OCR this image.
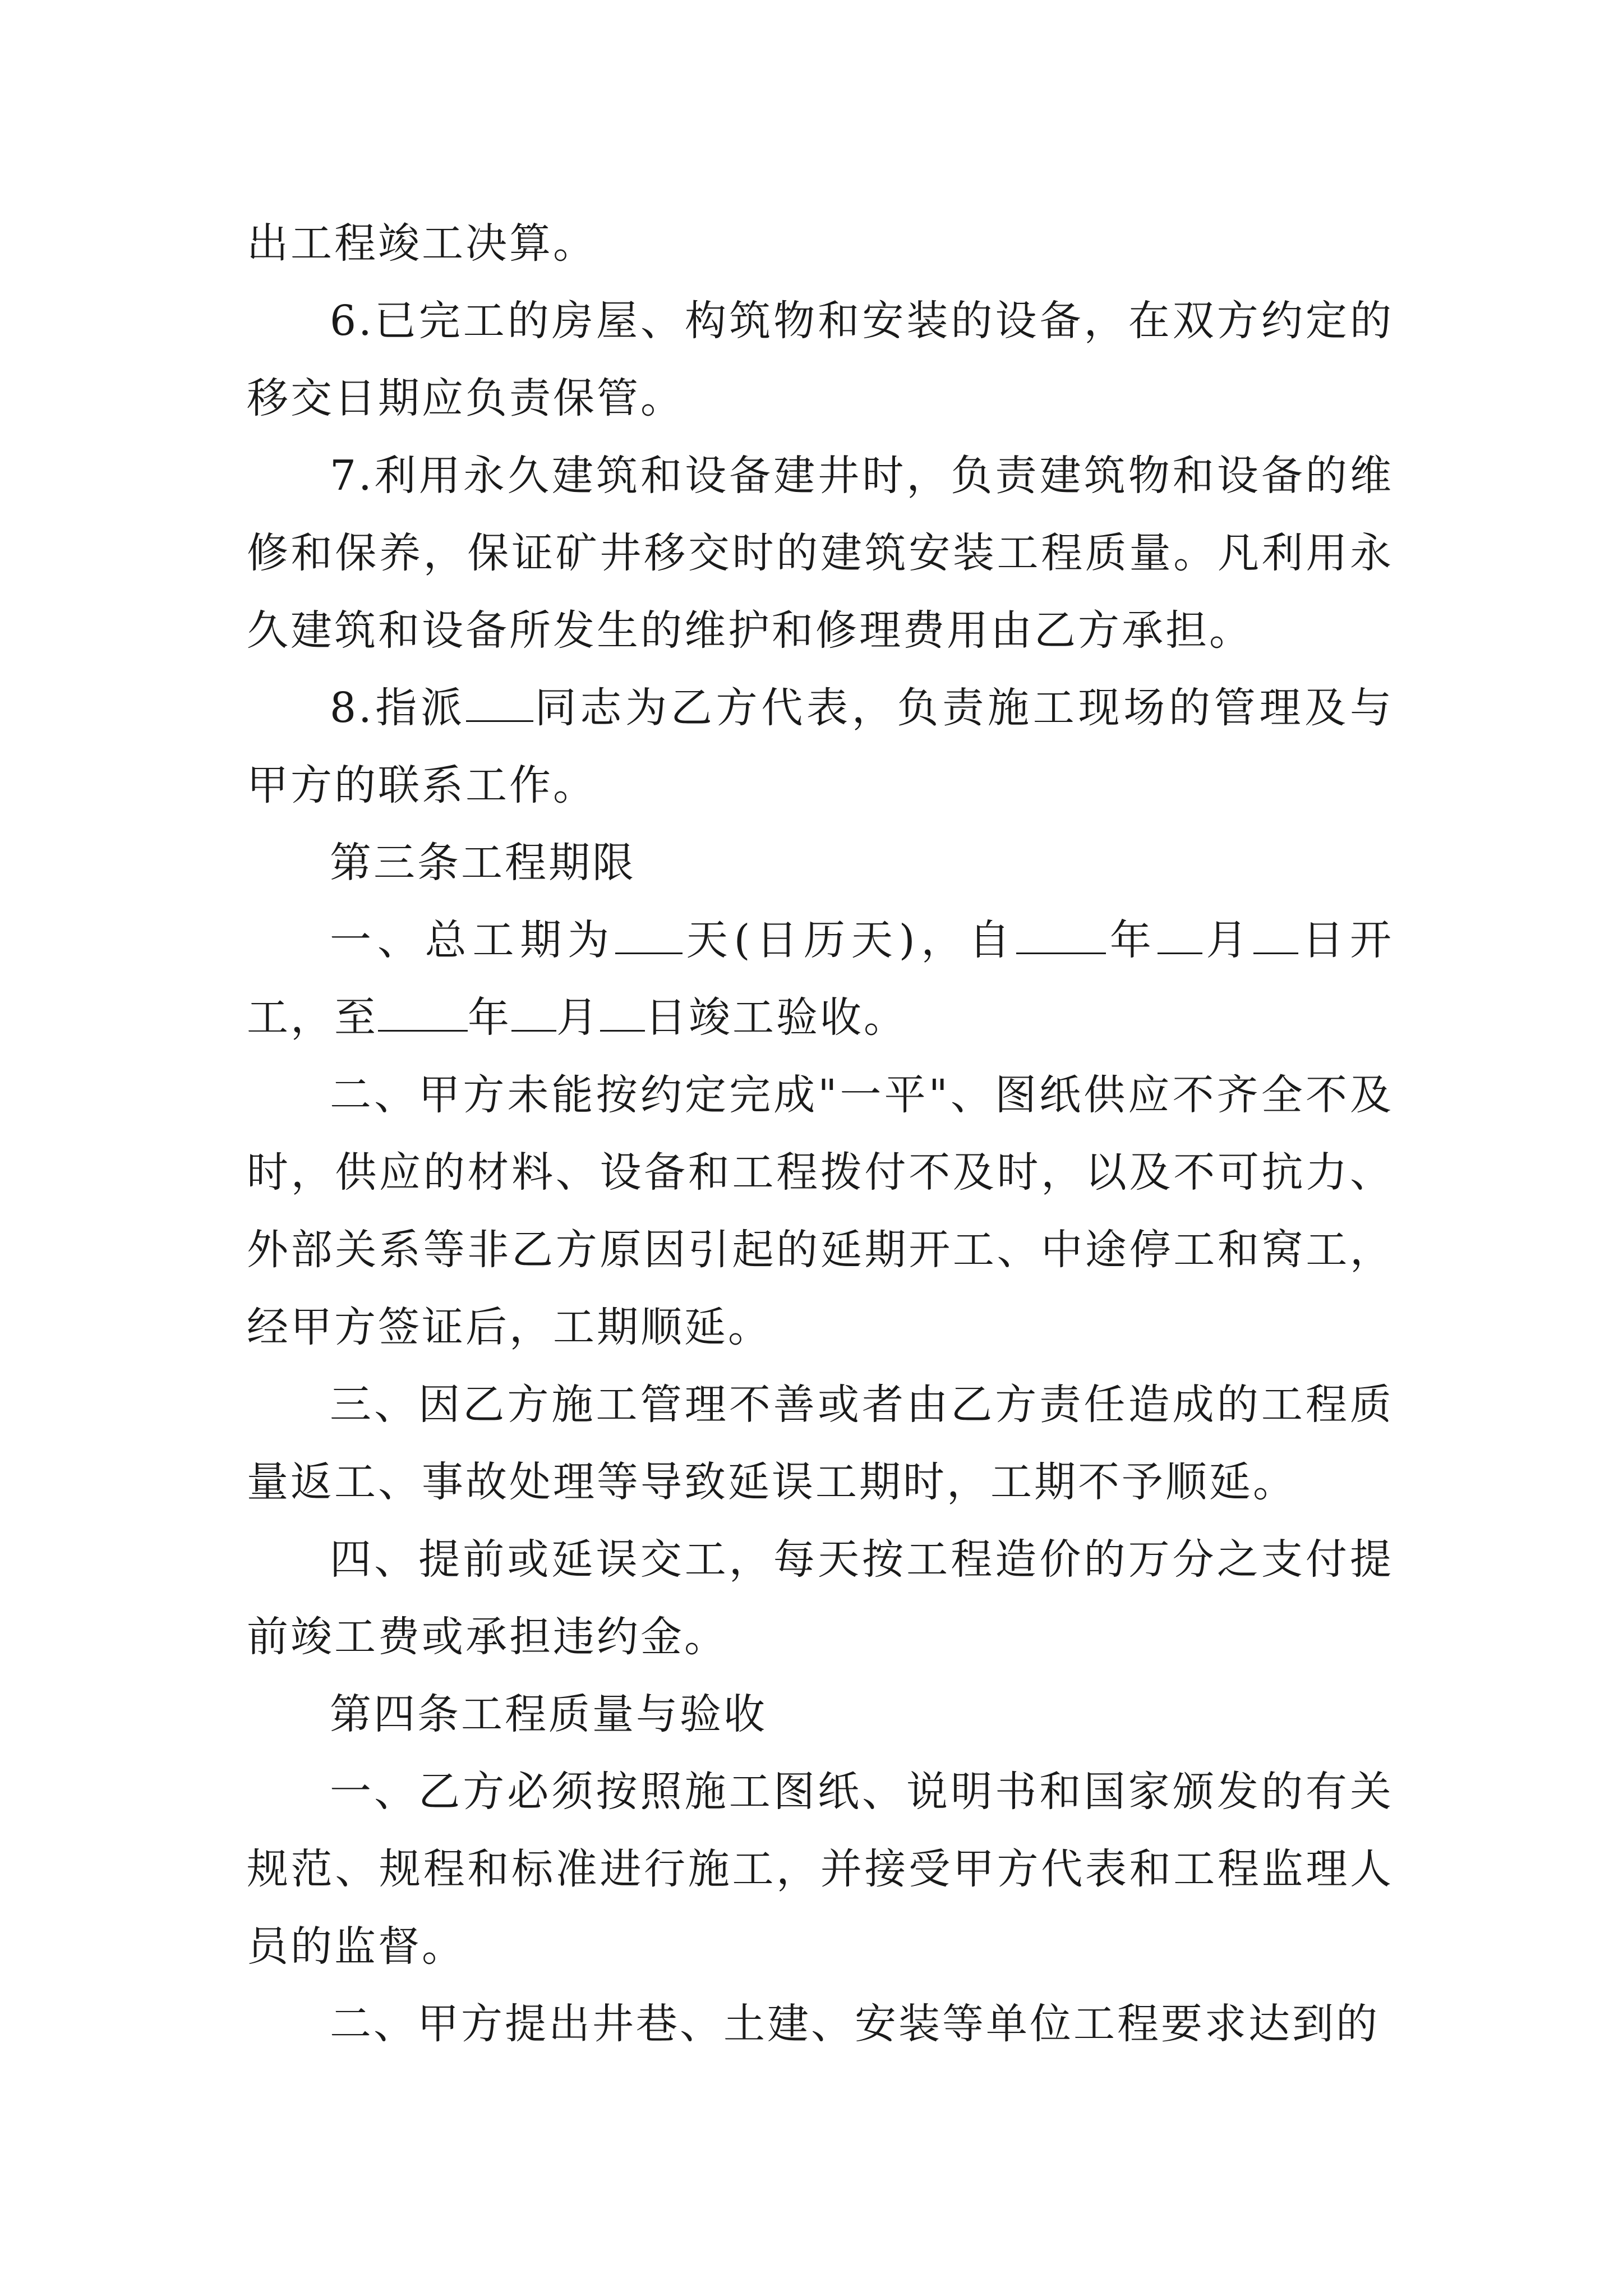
出工程竣工决算。

6.已完工的房屋、构筑物和安装的设备，在双方约定的移交日期应负责保管。

7.利用永久建筑和设备建井时，负责建筑物和设备的维修和保养，保证矿井移交时的建筑安装工程质量。凡利用永久建筑和设备所发生的维护和修理费用由乙方承担。

8.指派 同志为乙方代表，负责施工现场的管理及与甲方的联系工作。

第三条工程期限

一、总工期为 天(日历天)，自 年 月 日开工，至 年 月 日竣工验收。

二、甲方未能按约定完成"一平"、图纸供应不齐全不及时，供应的材料、设备和工程拨付不及时，以及不可抗力、外部关系等非乙方原因引起的延期开工、中途停工和窝工，经甲方签证后，工期顺延。

三、因乙方施工管理不善或者由乙方责任造成的工程质量返工、事故处理等导致延误工期时，工期不予顺延。

四、提前或延误交工，每天按工程造价的万分之支付提前竣工费或承担违约金。

第四条工程质量与验收

一、乙方必须按照施工图纸、说明书和国家颁发的有关规范、规程和标准进行施工，并接受甲方代表和工程监理人员的监督。

二、甲方提出井巷、土建、安装等单位工程要求达到的
